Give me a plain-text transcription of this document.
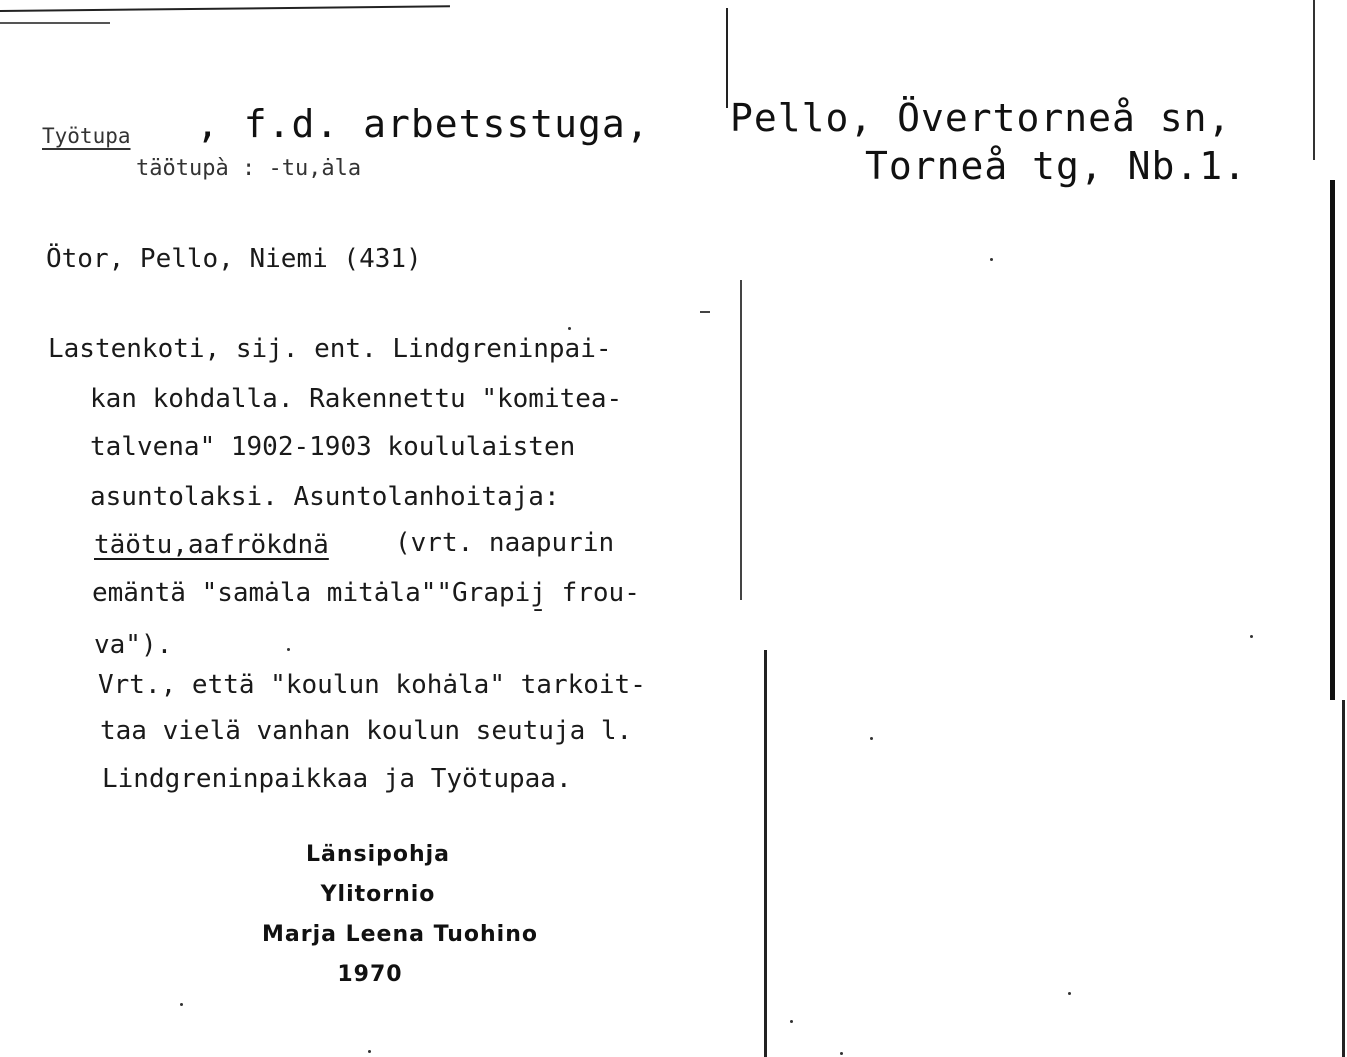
Työtupa , f.d. arbetsstuga, Pello, Övertorneå sn,
Torneå tg, Nb.1.
tä̈ötupà : -tu,ȧla
Ötor, Pello, Niemi (431)
Lastenkoti, sij. ent. Lindgreninpai-
kan kohdalla. Rakennettu "komitea-
talvena" 1902-1903 koululaisten
asuntolaksi. Asuntolanhoitaja:
täötu,aafrökdnä	(vrt. naapurin
emäntä "samȧla mitȧla""Grapij̱ frou-
va").
Vrt., että "koulun kohȧla" tarkoit-
taa vielä vanhan koulun seutuja l.
Lindgreninpaikkaa ja Työtupaa.
Länsipohja
Ylitornio
Marja Leena Tuohino
1970
